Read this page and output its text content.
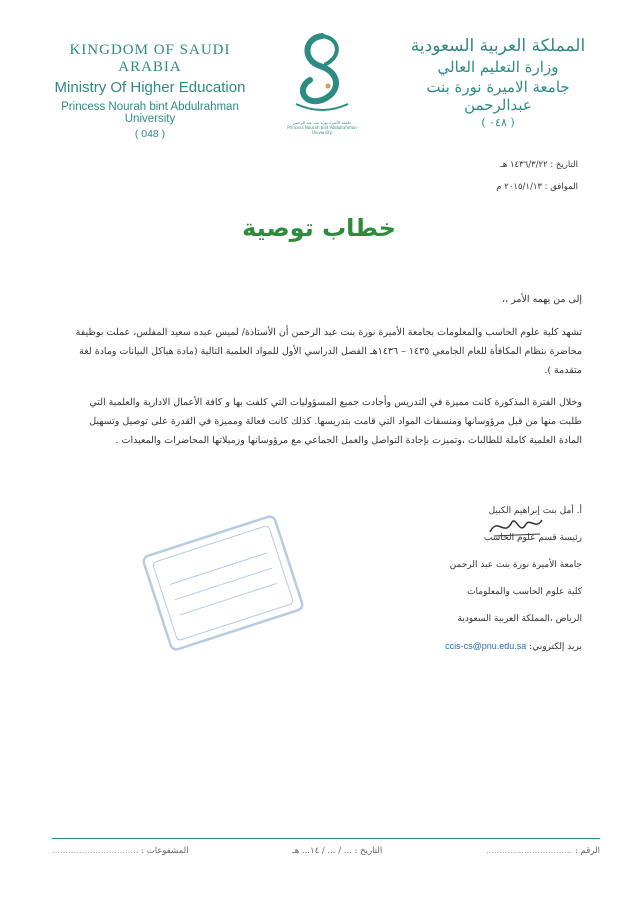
KINGDOM OF SAUDI ARABIA
Ministry Of Higher Education
Princess Nourah bint Abdulrahman University
( 048 )
جامعة الأميرة نورة بنت عبد الرحمن
Princess Nourah bint Abdulrahman University
المملكة العربية السعودية
وزارة التعليم العالي
جامعة الاميرة نورة بنت عبدالرحمن
( ٠٤٨ )
التاريخ : ١٤٣٦/٣/٢٢ هـ
الموافق : ٢٠١٥/١/١٣ م
خطاب توصية
إلى من يهمه الأمر ،،
تشهد كلية علوم الحاسب والمعلومات بجامعة الأميرة نورة بنت عبد الرحمن أن الأستاذة/ لميس عبده سعيد المفلس، عملت بوظيفة محاضرة بنظام المكافأة للعام الجامعي ١٤٣٥ – ١٤٣٦هـ الفصل الدراسي الأول للمواد العلمية التالية (مادة هياكل البيانات ومادة لغة متقدمة ).
وخلال الفترة المذكورة كانت مميزة في التدريس وأجادت جميع المسؤوليات التي كلفت بها و كافة الأعمال الادارية والعلمية التي طلبت منها من قبل مرؤوسانها ومنسقات المواد التي قامت بتدريسها. كذلك كانت فعالة ومميزة في القدرة على توصيل وتسهيل المادة العلمية كاملة للطالبات ،وتميزت بإجادة التواصل والعمل الجماعي مع مرؤوسانها وزميلاتها المحاضرات والمعيدات .
أ. أمل بنت إبراهيم الكبيل
رئيسة قسم علوم الحاسب
جامعة الأميرة نورة بنت عبد الرحمن
كلية علوم الحاسب والمعلومات
الرياض ،المملكة العربية السعودية
بريد إلكتروني: ccis-cs@pnu.edu.sa
الرقم : ................................
التاريخ : ... / ... / ١٤... هـ
المشفوعات : ................................
